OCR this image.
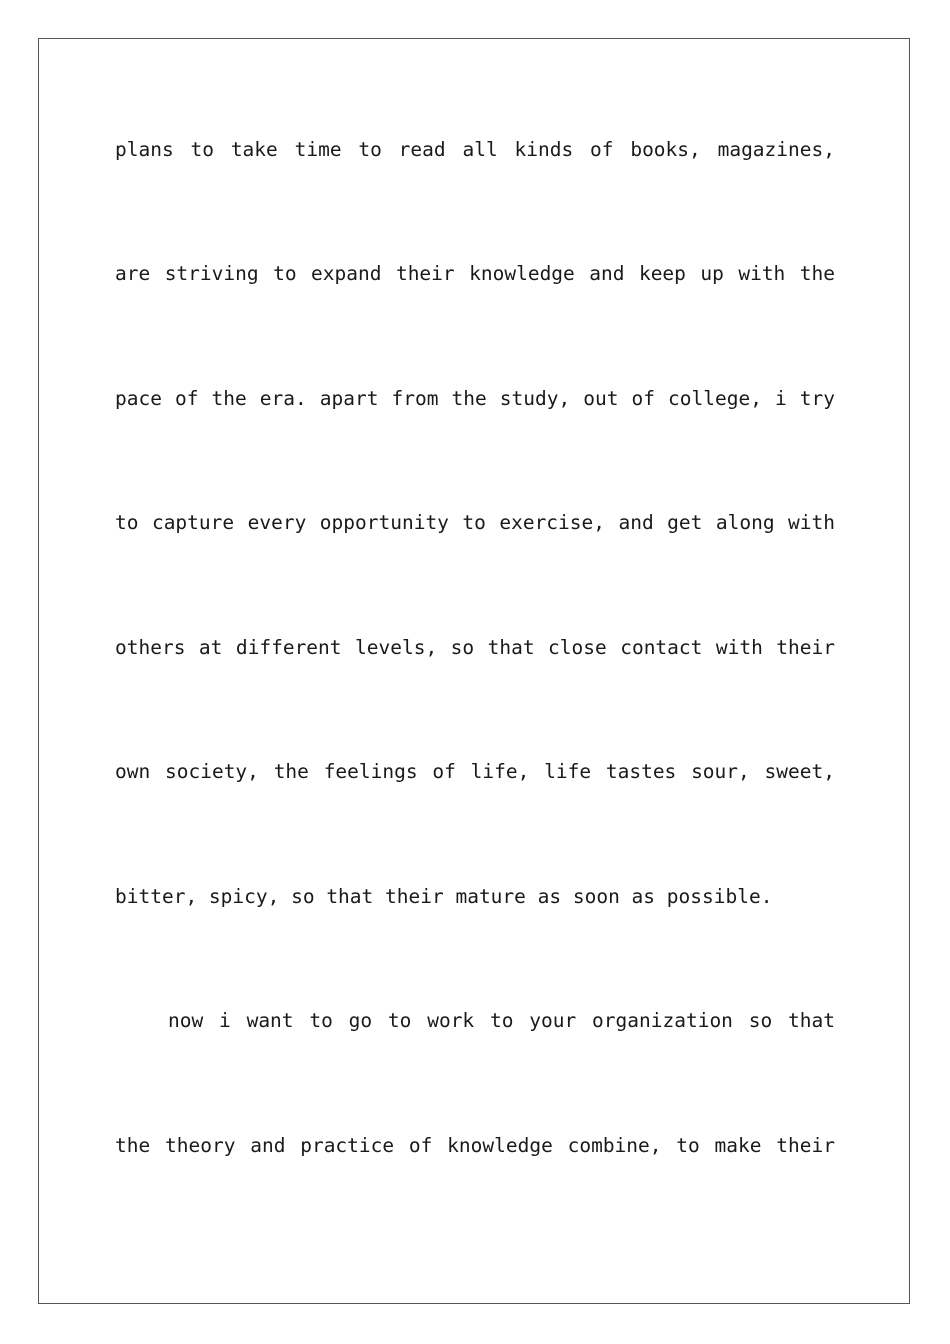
plans to take time to read all kinds of books, magazines,
are striving to expand their knowledge and keep up with the
pace of the era. apart from the study, out of college, i try
to capture every opportunity to exercise, and get along with
others at different levels, so that close contact with their
own society, the feelings of life, life tastes sour, sweet,
bitter, spicy, so that their mature as soon as possible.
now i want to go to work to your organization so that
the theory and practice of knowledge combine, to make their
